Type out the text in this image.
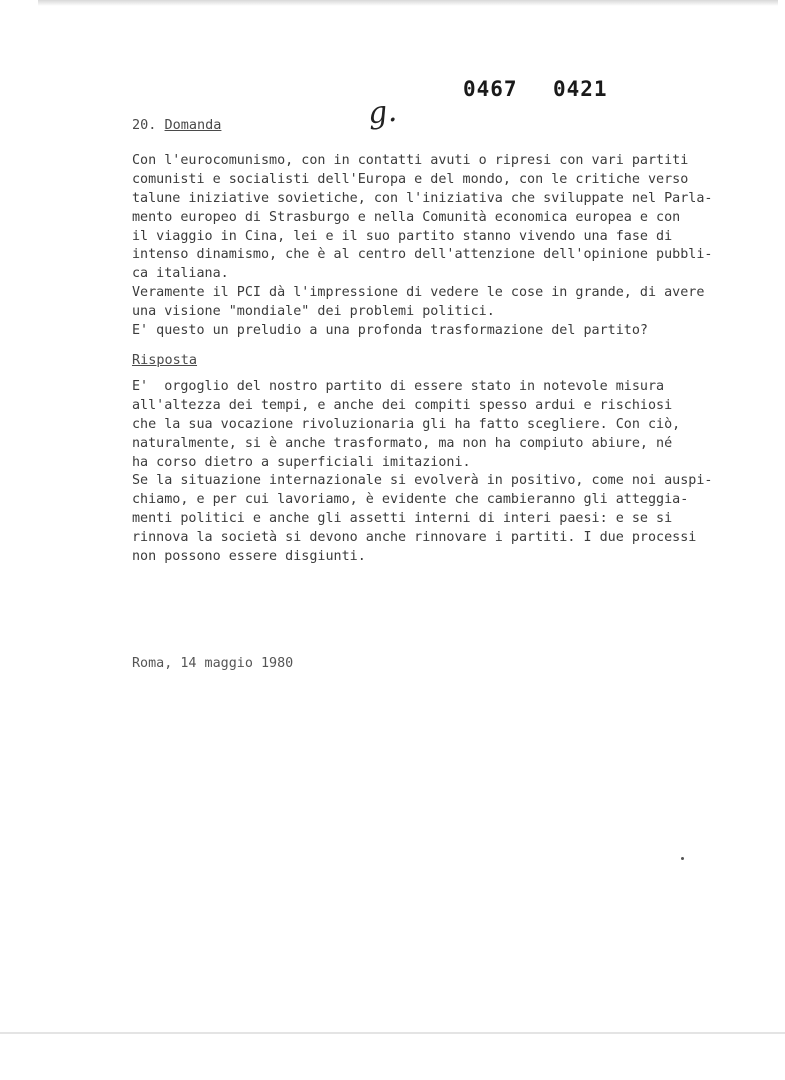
0467 0421
g.
20. Domanda
Con l'eurocomunismo, con in contatti avuti o ripresi con vari partiti
comunisti e socialisti dell'Europa e del mondo, con le critiche verso
talune iniziative sovietiche, con l'iniziativa che sviluppate nel Parla-
mento europeo di Strasburgo e nella Comunità economica europea e con
il viaggio in Cina, lei e il suo partito stanno vivendo una fase di
intenso dinamismo, che è al centro dell'attenzione dell'opinione pubbli-
ca italiana.
Veramente il PCI dà l'impressione di vedere le cose in grande, di avere
una visione "mondiale" dei problemi politici.
E' questo un preludio a una profonda trasformazione del partito?
Risposta
E'  orgoglio del nostro partito di essere stato in notevole misura
all'altezza dei tempi, e anche dei compiti spesso ardui e rischiosi
che la sua vocazione rivoluzionaria gli ha fatto scegliere. Con ciò,
naturalmente, si è anche trasformato, ma non ha compiuto abiure, né
ha corso dietro a superficiali imitazioni.
Se la situazione internazionale si evolverà in positivo, come noi auspi-
chiamo, e per cui lavoriamo, è evidente che cambieranno gli atteggia-
menti politici e anche gli assetti interni di interi paesi: e se si
rinnova la società si devono anche rinnovare i partiti. I due processi
non possono essere disgiunti.
Roma, 14 maggio 1980
